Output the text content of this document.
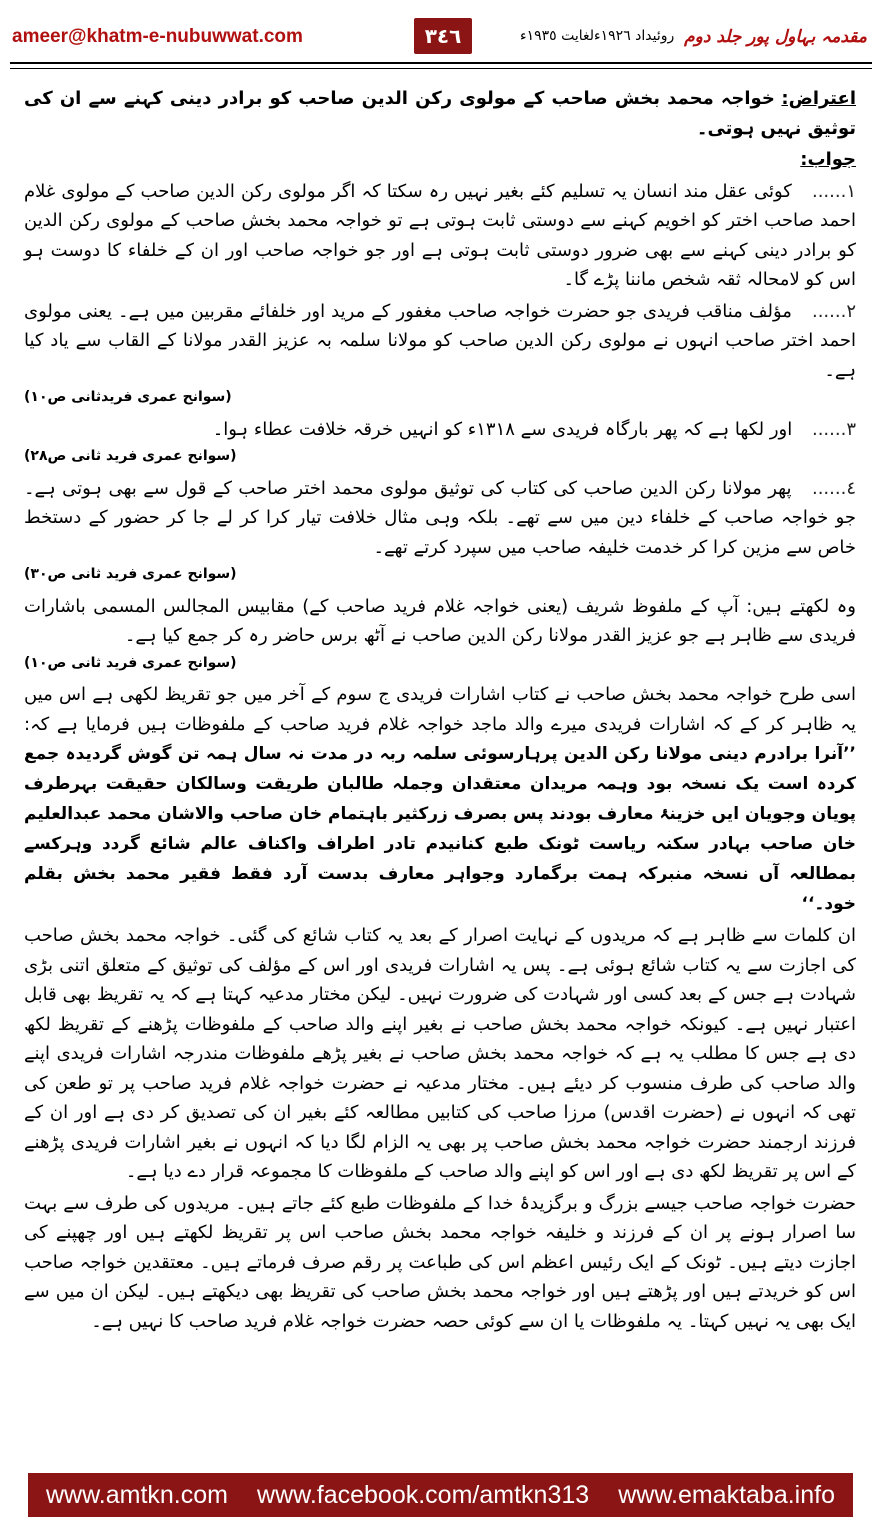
ameer@khatm-e-nubuwwat.com	٣٤٦	روئیداد ١٩٢٦ءلغایت ١٩٣٥ء مقدمہ بہاول پور جلد دوم

اعتراض: خواجہ محمد بخش صاحب کے مولوی رکن الدین صاحب کو برادر دینی کہنے سے ان کی توثیق نہیں ہوتی۔

جواب:

١...... کوئی عقل مند انسان یہ تسلیم کئے بغیر نہیں رہ سکتا کہ اگر مولوی رکن الدین صاحب کے مولوی غلام احمد صاحب اختر کو اخویم کہنے سے دوستی ثابت ہوتی ہے تو خواجہ محمد بخش صاحب کے مولوی رکن الدین کو برادر دینی کہنے سے بھی ضرور دوستی ثابت ہوتی ہے اور جو خواجہ صاحب اور ان کے خلفاء کا دوست ہو اس کو لامحالہ ثقہ شخص ماننا پڑے گا۔

٢...... مؤلف مناقب فریدی جو حضرت خواجہ صاحب مغفور کے مرید اور خلفائے مقربین میں ہے۔ یعنی مولوی احمد اختر صاحب انہوں نے مولوی رکن الدین صاحب کو مولانا سلمہ بہ عزیز القدر مولانا کے القاب سے یاد کیا ہے۔
(سوانح عمری فریدثانی ص١٠)

٣...... اور لکھا ہے کہ پھر بارگاہ فریدی سے ١٣١٨ء کو انہیں خرقہ خلافت عطاء ہوا۔
(سوانح عمری فرید ثانی ص٢٨)

٤...... پھر مولانا رکن الدین صاحب کی کتاب کی توثیق مولوی محمد اختر صاحب کے قول سے بھی ہوتی ہے۔ جو خواجہ صاحب کے خلفاء دین میں سے تھے۔ بلکہ وہی مثال خلافت تیار کرا کر لے جا کر حضور کے دستخط خاص سے مزین کرا کر خدمت خلیفہ صاحب میں سپرد کرتے تھے۔
(سوانح عمری فرید ثانی ص٣٠)

وہ لکھتے ہیں: آپ کے ملفوظ شریف (یعنی خواجہ غلام فرید صاحب کے) مقابیس المجالس المسمی باشارات فریدی سے ظاہر ہے جو عزیز القدر مولانا رکن الدین صاحب نے آٹھ برس حاضر رہ کر جمع کیا ہے۔
(سوانح عمری فرید ثانی ص١٠)

اسی طرح خواجہ محمد بخش صاحب نے کتاب اشارات فریدی ج سوم کے آخر میں جو تقریظ لکھی ہے اس میں یہ ظاہر کر کے کہ اشارات فریدی میرے والد ماجد خواجہ غلام فرید صاحب کے ملفوظات ہیں فرمایا ہے کہ: ’’آنرا برادرم دینی مولانا رکن الدین پرہارسوئی سلمہ ربہ در مدت نہ سال ہمہ تن گوش گردیدہ جمع کردہ است یک نسخہ بود وہمہ مریدان معتقدان وجملہ طالبان طریقت وسالکان حقیقت بہرطرف پویان وجویان ایں خزینۂ معارف بودند پس بصرف زرکثیر باہتمام خان صاحب والاشان محمد عبدالعلیم خان صاحب بہادر سکنہ ریاست ٹونک طبع کنانیدم تادر اطراف واکناف عالم شائع گردد وہرکسے بمطالعہ آں نسخہ منبرکہ ہمت برگمارد وجواہر معارف بدست آرد فقط فقیر محمد بخش بقلم خود۔‘‘

ان کلمات سے ظاہر ہے کہ مریدوں کے نہایت اصرار کے بعد یہ کتاب شائع کی گئی۔ خواجہ محمد بخش صاحب کی اجازت سے یہ کتاب شائع ہوئی ہے۔ پس یہ اشارات فریدی اور اس کے مؤلف کی توثیق کے متعلق اتنی بڑی شہادت ہے جس کے بعد کسی اور شہادت کی ضرورت نہیں۔ لیکن مختار مدعیہ کہتا ہے کہ یہ تقریظ بھی قابل اعتبار نہیں ہے۔ کیونکہ خواجہ محمد بخش صاحب نے بغیر اپنے والد صاحب کے ملفوظات پڑھنے کے تقریظ لکھ دی ہے جس کا مطلب یہ ہے کہ خواجہ محمد بخش صاحب نے بغیر پڑھے ملفوظات مندرجہ اشارات فریدی اپنے والد صاحب کی طرف منسوب کر دیئے ہیں۔ مختار مدعیہ نے حضرت خواجہ غلام فرید صاحب پر تو طعن کی تھی کہ انہوں نے (حضرت اقدس) مرزا صاحب کی کتابیں مطالعہ کئے بغیر ان کی تصدیق کر دی ہے اور ان کے فرزند ارجمند حضرت خواجہ محمد بخش صاحب پر بھی یہ الزام لگا دیا کہ انہوں نے بغیر اشارات فریدی پڑھنے کے اس پر تقریظ لکھ دی ہے اور اس کو اپنے والد صاحب کے ملفوظات کا مجموعہ قرار دے دیا ہے۔

حضرت خواجہ صاحب جیسے بزرگ و برگزیدۂ خدا کے ملفوظات طبع کئے جاتے ہیں۔ مریدوں کی طرف سے بہت سا اصرار ہونے پر ان کے فرزند و خلیفہ خواجہ محمد بخش صاحب اس پر تقریظ لکھتے ہیں اور چھپنے کی اجازت دیتے ہیں۔ ٹونک کے ایک رئیس اعظم اس کی طباعت پر رقم صرف فرماتے ہیں۔ معتقدین خواجہ صاحب اس کو خریدتے ہیں اور پڑھتے ہیں اور خواجہ محمد بخش صاحب کی تقریظ بھی دیکھتے ہیں۔ لیکن ان میں سے ایک بھی یہ نہیں کہتا۔ یہ ملفوظات یا ان سے کوئی حصہ حضرت خواجہ غلام فرید صاحب کا نہیں ہے۔

www.amtkn.com www.facebook.com/amtkn313 www.emaktaba.info
